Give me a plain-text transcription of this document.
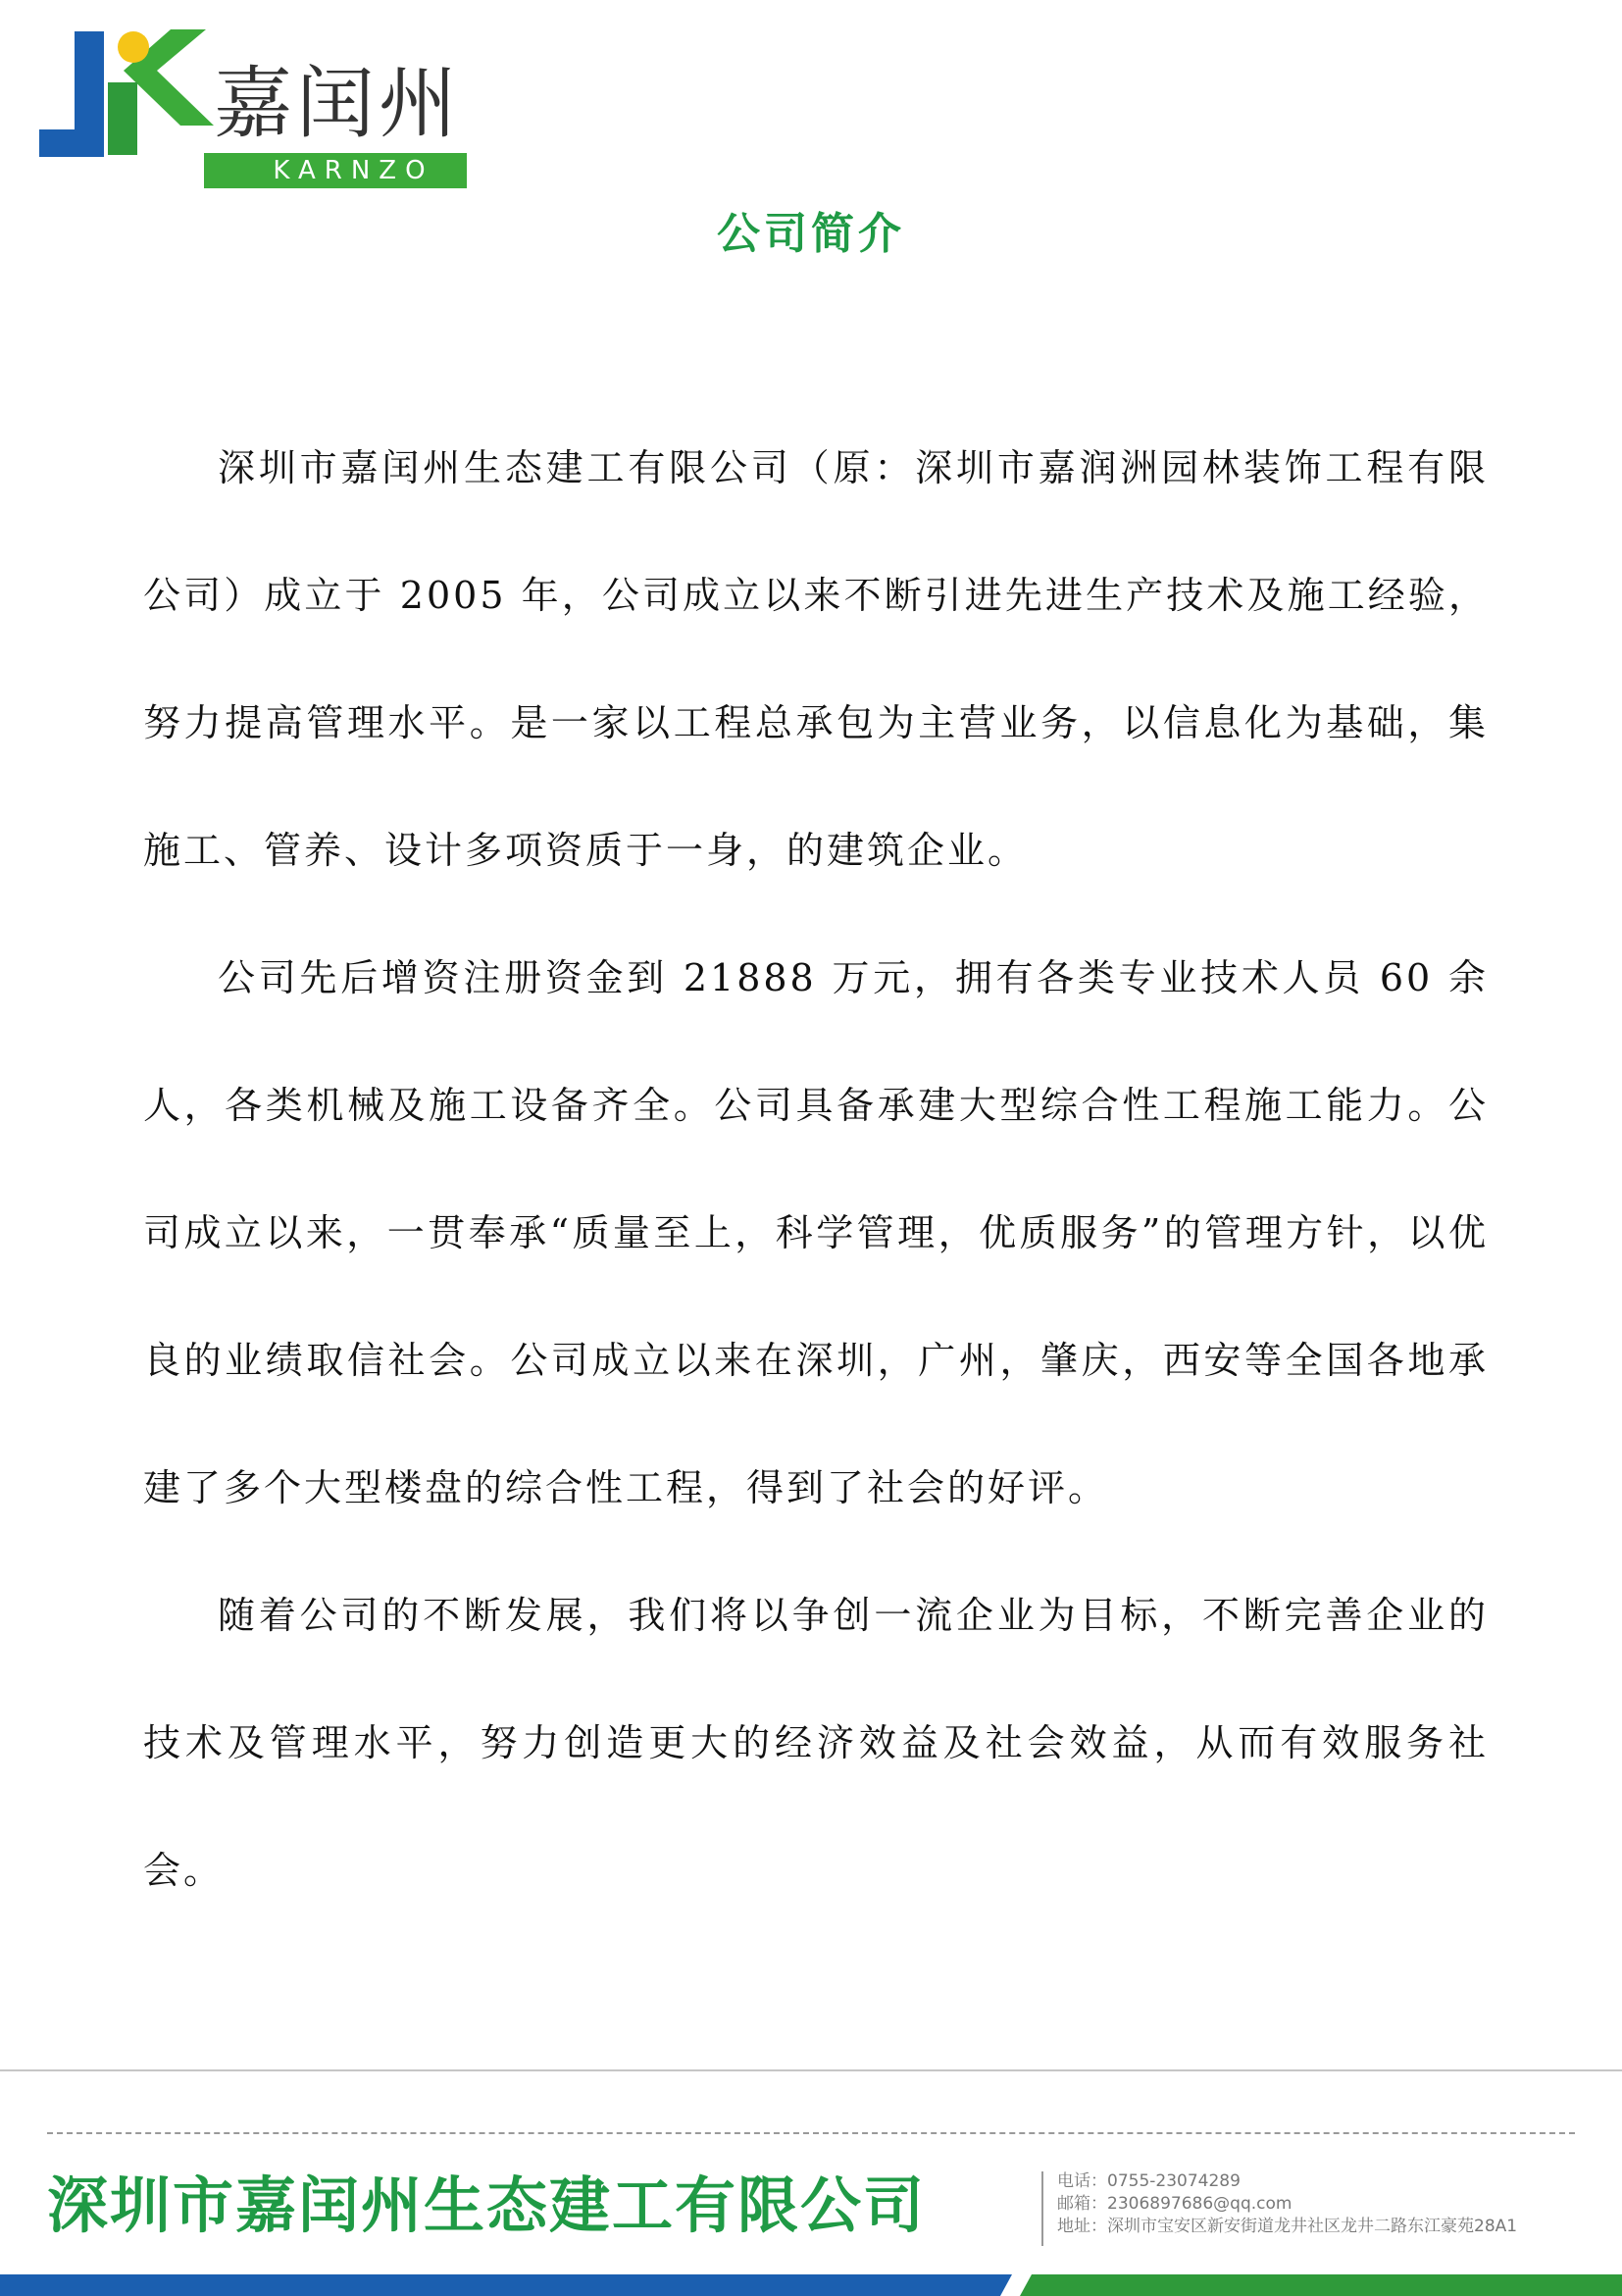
嘉闰州
KARNZO
公司简介

深圳市嘉闰州生态建工有限公司（原：深圳市嘉润洲园林装饰工程有限公司）成立于 2005 年，公司成立以来不断引进先进生产技术及施工经验，努力提高管理水平。是一家以工程总承包为主营业务，以信息化为基础，集施工、管养、设计多项资质于一身，的建筑企业。

公司先后增资注册资金到 21888 万元，拥有各类专业技术人员 60 余人，各类机械及施工设备齐全。公司具备承建大型综合性工程施工能力。公司成立以来，一贯奉承“质量至上，科学管理，优质服务”的管理方针，以优良的业绩取信社会。公司成立以来在深圳，广州，肇庆，西安等全国各地承建了多个大型楼盘的综合性工程，得到了社会的好评。

随着公司的不断发展，我们将以争创一流企业为目标，不断完善企业的技术及管理水平，努力创造更大的经济效益及社会效益，从而有效服务社会。

深圳市嘉闰州生态建工有限公司	电话：0755-23074289
邮箱：2306897686@qq.com
地址：深圳市宝安区新安街道龙井社区龙井二路东江豪苑28A1
